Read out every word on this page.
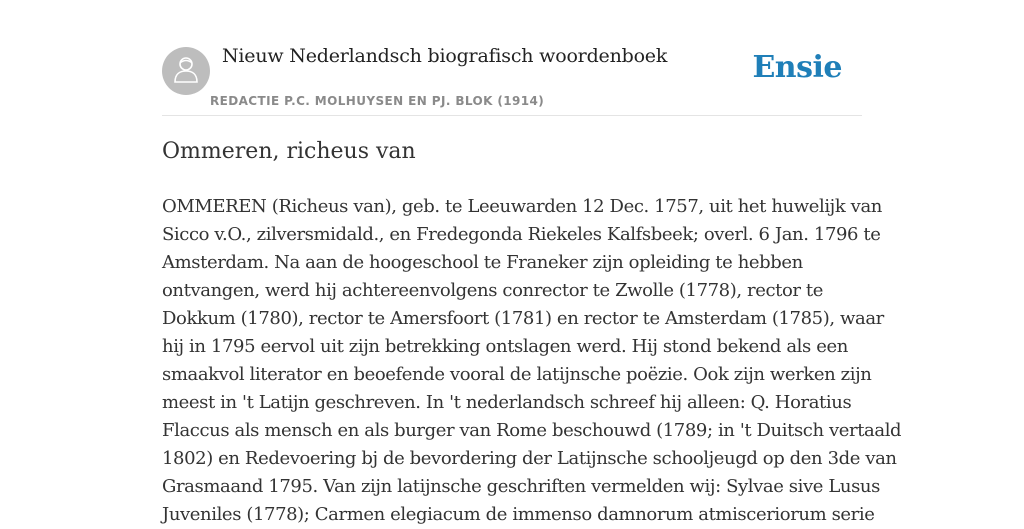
Nieuw Nederlandsch biografisch woordenboek
REDACTIE P.C. MOLHUYSEN EN PJ. BLOK (1914)
Ensie
Ommeren, richeus van
OMMEREN (Richeus van), geb. te Leeuwarden 12 Dec. 1757, uit het huwelijk van
Sicco v.O., zilversmidald., en Fredegonda Riekeles Kalfsbeek; overl. 6 Jan. 1796 te
Amsterdam. Na aan de hoogeschool te Franeker zijn opleiding te hebben
ontvangen, werd hij achtereenvolgens conrector te Zwolle (1778), rector te
Dokkum (1780), rector te Amersfoort (1781) en rector te Amsterdam (1785), waar
hij in 1795 eervol uit zijn betrekking ontslagen werd. Hij stond bekend als een
smaakvol literator en beoefende vooral de latijnsche poëzie. Ook zijn werken zijn
meest in 't Latijn geschreven. In 't nederlandsch schreef hij alleen: Q. Horatius
Flaccus als mensch en als burger van Rome beschouwd (1789; in 't Duitsch vertaald
1802) en Redevoering bj de bevordering der Latijnsche schooljeugd op den 3de van
Grasmaand 1795. Van zijn latijnsche geschriften vermelden wij: Sylvae sive Lusus
Juveniles (1778); Carmen elegiacum de immenso damnorum atmisceriorum serie
